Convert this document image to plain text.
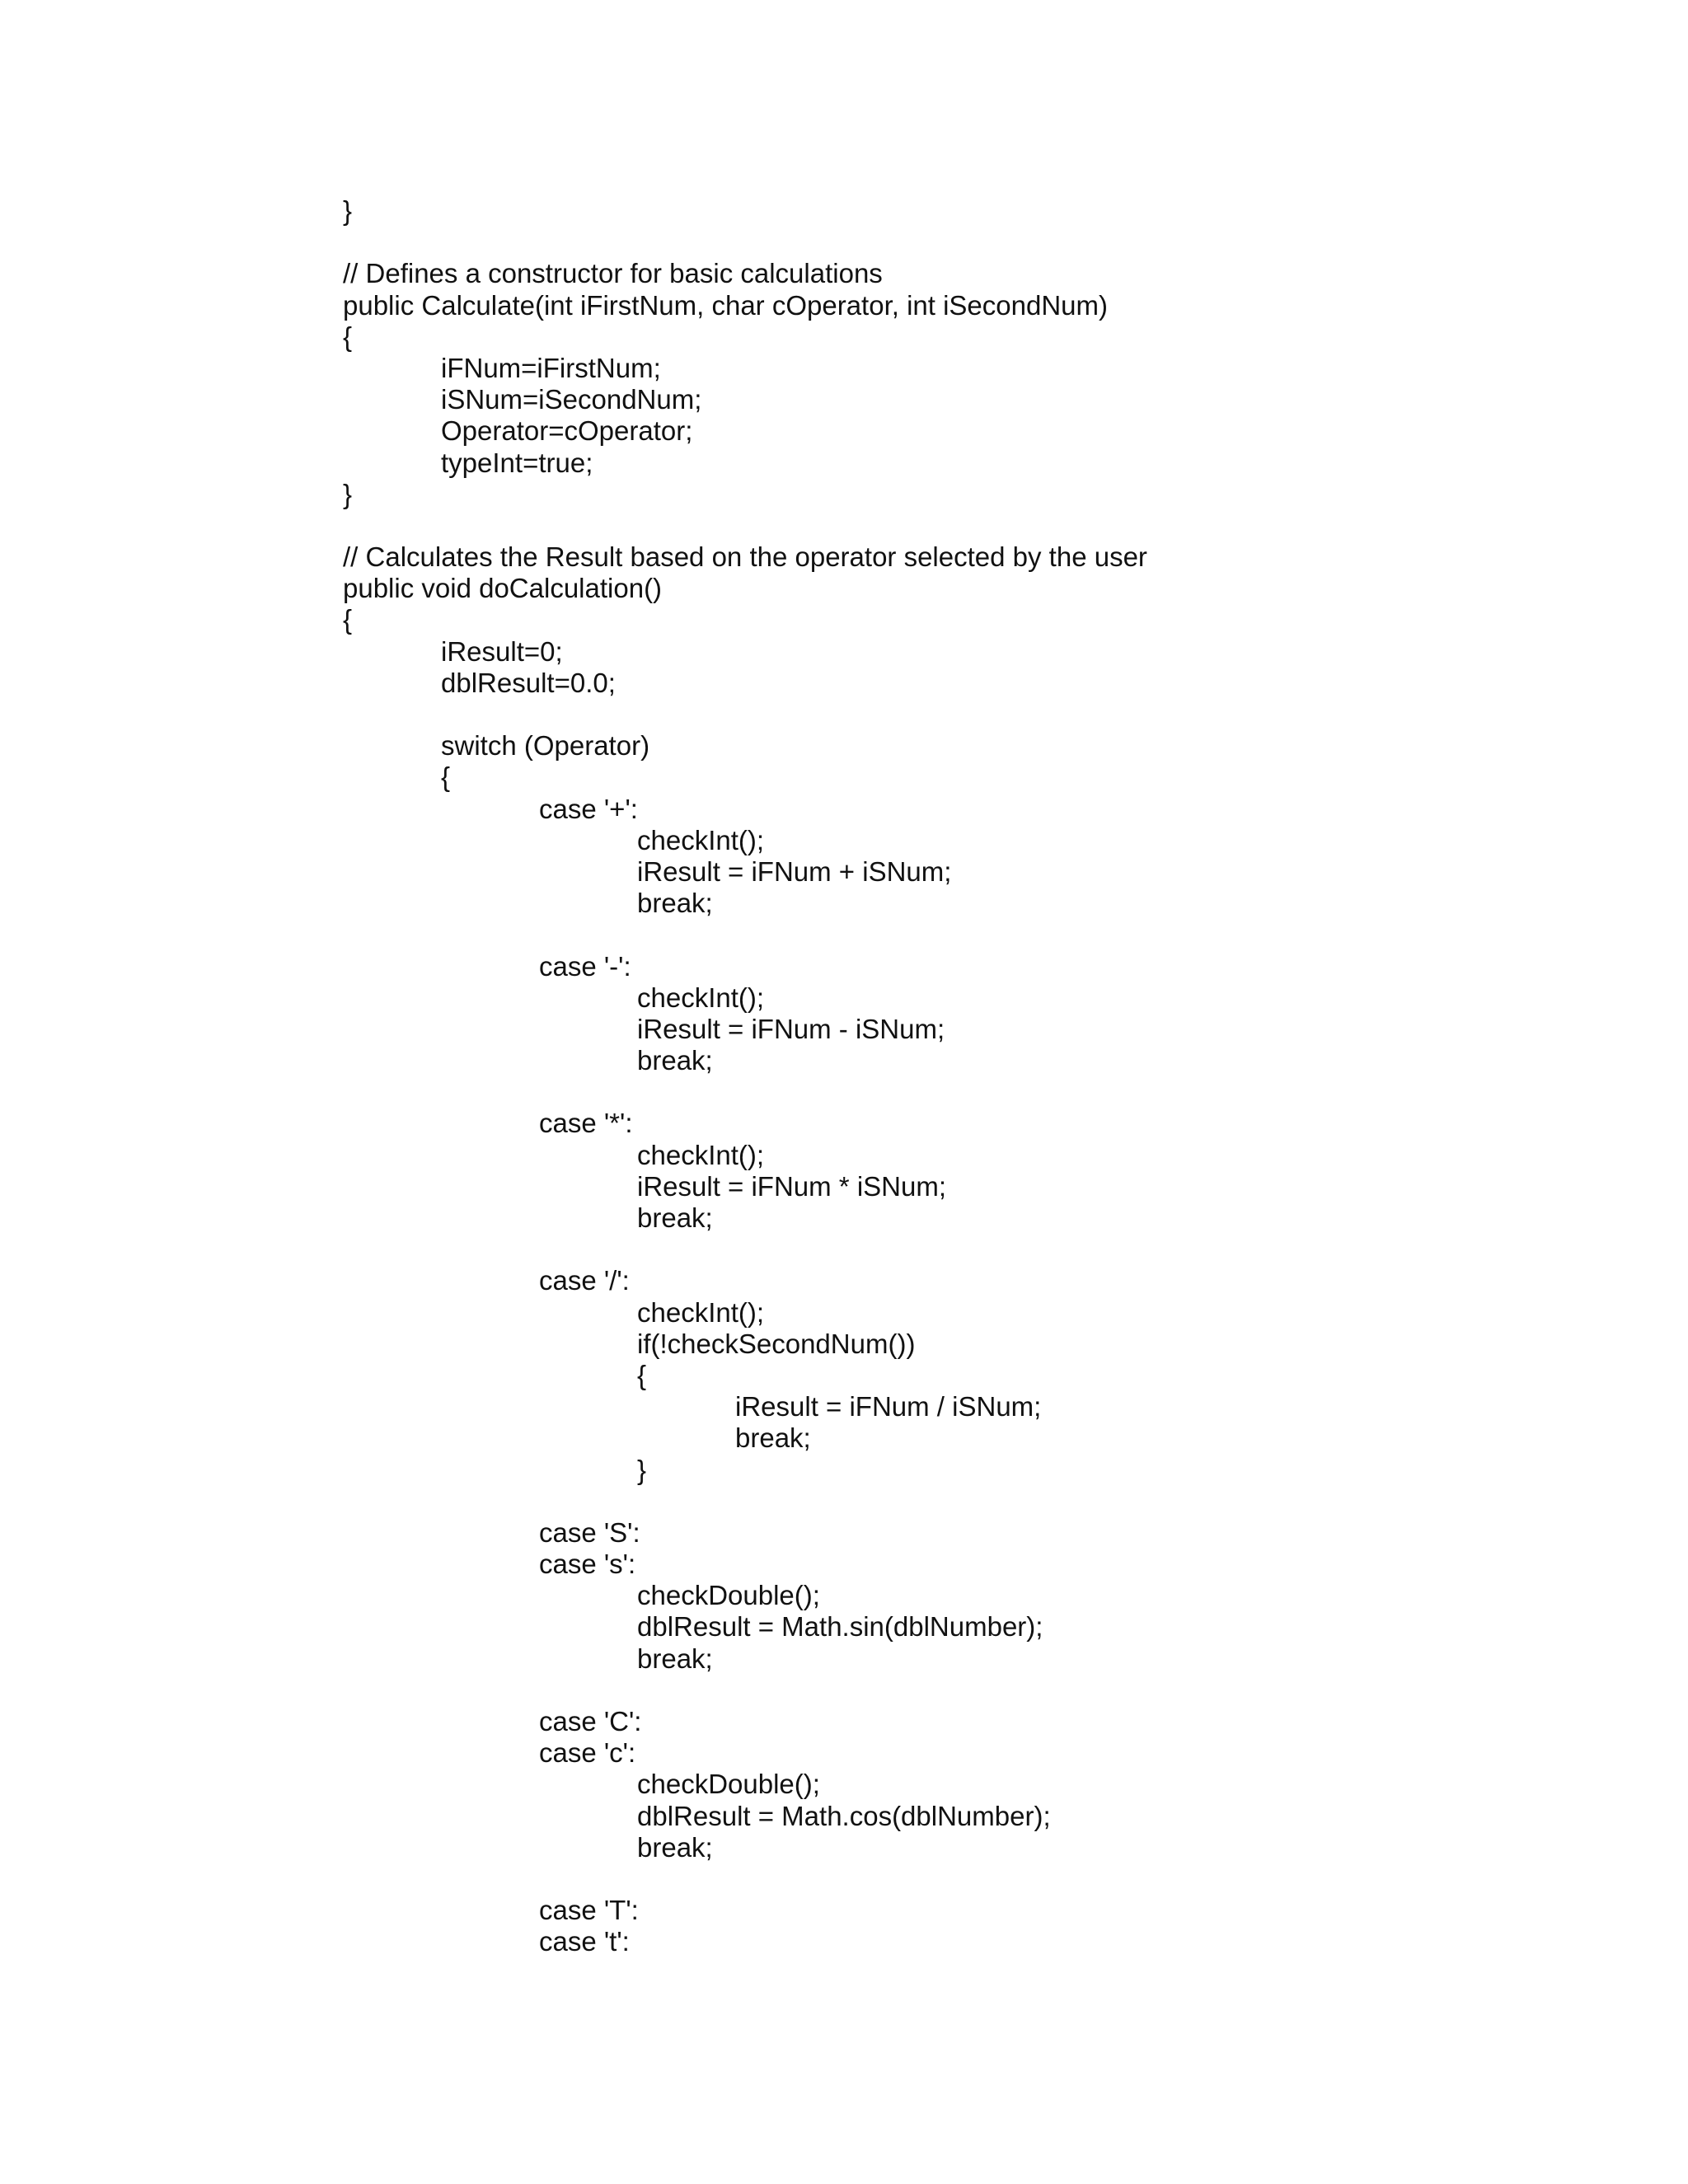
}
// Defines a constructor for basic calculations
public Calculate(int iFirstNum, char cOperator, int iSecondNum)
{
iFNum=iFirstNum;
iSNum=iSecondNum;
Operator=cOperator;
typeInt=true;
}
// Calculates the Result based on the operator selected by the user
public void doCalculation()
{
iResult=0;
dblResult=0.0;
switch (Operator)
{
case '+':
checkInt();
iResult = iFNum + iSNum;
break;
case '-':
checkInt();
iResult = iFNum - iSNum;
break;
case '*':
checkInt();
iResult = iFNum * iSNum;
break;
case '/':
checkInt();
if(!checkSecondNum())
{
iResult = iFNum / iSNum;
break;
}
case 'S':
case 's':
checkDouble();
dblResult = Math.sin(dblNumber);
break;
case 'C':
case 'c':
checkDouble();
dblResult = Math.cos(dblNumber);
break;
case 'T':
case 't':
